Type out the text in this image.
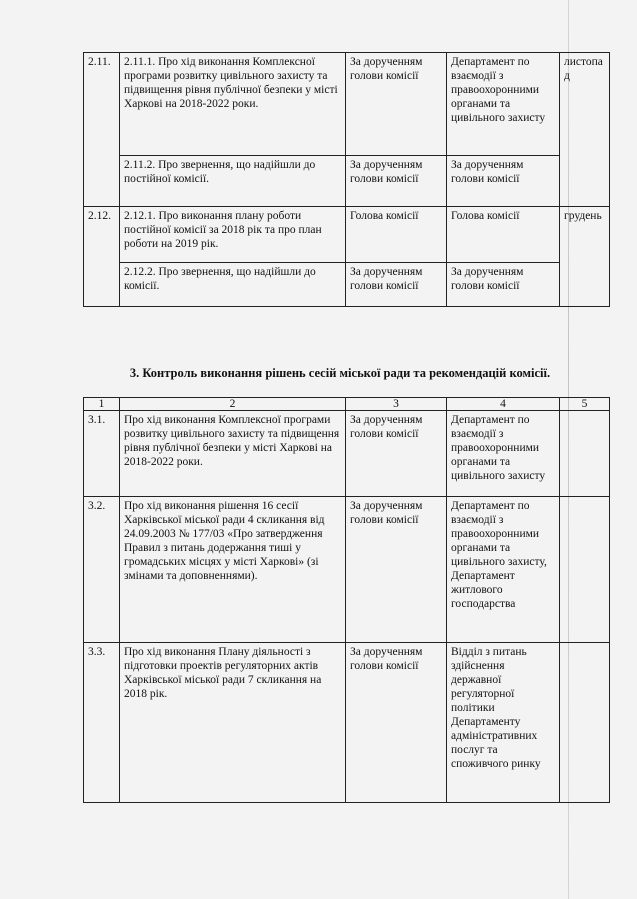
2.11.	2.11.1. Про хід виконання Комплексної програми розвитку цивільного захисту та підвищення рівня публічної безпеки у місті Харкові на 2018-2022 роки.	За дорученням голови комісії	Департамент по взаємодії з правоохоронними органами та цивільного захисту	листопад
	2.11.2. Про звернення, що надійшли до постійної комісії.	За дорученням голови комісії	За дорученням голови комісії	
2.12.	2.12.1. Про виконання плану роботи постійної комісії за 2018 рік та про план роботи на 2019 рік.	Голова комісії	Голова комісії	грудень
	2.12.2. Про звернення, що надійшли до комісії.	За дорученням голови комісії	За дорученням голови комісії	
3. Контроль виконання рішень сесій міської ради та рекомендацій комісії.
1	2	3	4	5
3.1.	Про хід виконання Комплексної програми розвитку цивільного захисту та підвищення рівня публічної безпеки у місті Харкові на 2018-2022 роки.	За дорученням голови комісії	Департамент по взаємодії з правоохоронними органами та цивільного захисту	
3.2.	Про хід виконання рішення 16 сесії Харківської міської ради 4 скликання від 24.09.2003 № 177/03 «Про затвердження Правил з питань додержання тиші у громадських місцях у місті Харкові» (зі змінами та доповненнями).	За дорученням голови комісії	Департамент по взаємодії з правоохоронними органами та цивільного захисту, Департамент житлового господарства	
3.3.	Про хід виконання Плану діяльності з підготовки проектів регуляторних актів Харківської міської ради 7 скликання на 2018 рік.	За дорученням голови комісії	Відділ з питань здійснення державної регуляторної політики Департаменту адміністративних послуг та споживчого ринку	
